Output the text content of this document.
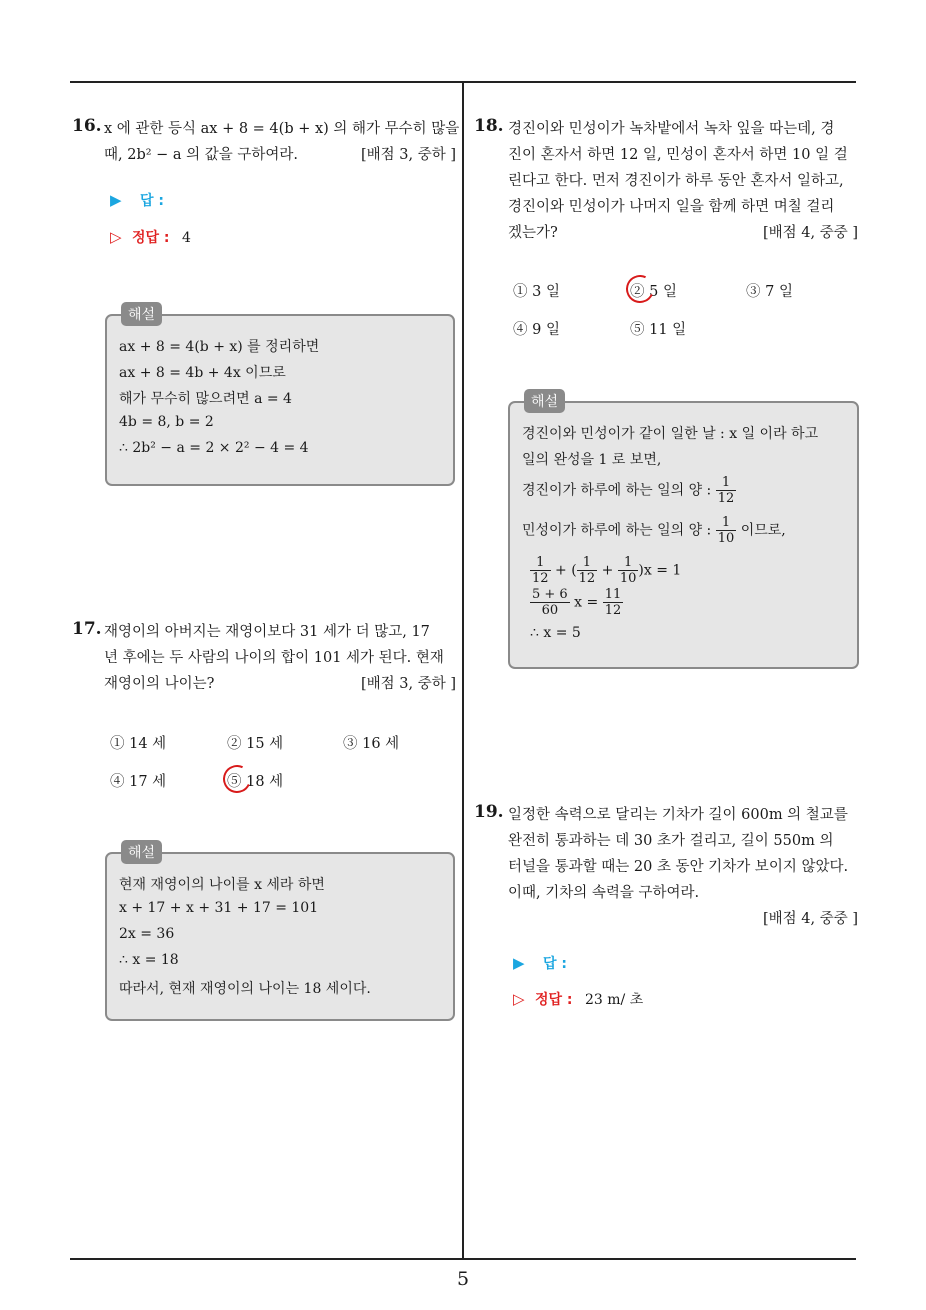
5
16. x 에 관한 등식 ax + 8 = 4(b + x) 의 해가 무수히 많을
때, 2b² − a 의 값을 구하여라.	[배점 3, 중하 ]
▶ 답 :
▷ 정답 : 4
해설
ax + 8 = 4(b + x) 를 정리하면
ax + 8 = 4b + 4x 이므로
해가 무수히 많으려면 a = 4
4b = 8, b = 2
∴ 2b² − a = 2 × 2² − 4 = 4
17. 재영이의 아버지는 재영이보다 31 세가 더 많고, 17
년 후에는 두 사람의 나이의 합이 101 세가 된다. 현재
재영이의 나이는?	[배점 3, 중하 ]
① 14 세	② 15 세	③ 16 세
④ 17 세	⑤ 18 세
해설
현재 재영이의 나이를 x 세라 하면
x + 17 + x + 31 + 17 = 101
2x = 36
∴ x = 18
따라서, 현재 재영이의 나이는 18 세이다.
18. 경진이와 민성이가 녹차밭에서 녹차 잎을 따는데, 경
진이 혼자서 하면 12 일, 민성이 혼자서 하면 10 일 걸
린다고 한다. 먼저 경진이가 하루 동안 혼자서 일하고,
경진이와 민성이가 나머지 일을 함께 하면 며칠 걸리
겠는가?	[배점 4, 중중 ]
① 3 일	② 5 일	③ 7 일
④ 9 일	⑤ 11 일
해설
경진이와 민성이가 같이 일한 날 : x 일 이라 하고
일의 완성을 1 로 보면,
경진이가 하루에 하는 일의 양 : $\frac{1}{12}$
민성이가 하루에 하는 일의 양 : $\frac{1}{10}$ 이므로,
$\frac{1}{12}$ + ( $\frac{1}{12} + \frac{1}{10} )x = 1$
$\frac{5 + 6}{60}$ $x = \frac{11}{12}$
∴ x = 5
19. 일정한 속력으로 달리는 기차가 길이 600m 의 철교를
완전히 통과하는 데 30 초가 걸리고, 길이 550m 의
터널을 통과할 때는 20 초 동안 기차가 보이지 않았다.
이때, 기차의 속력을 구하여라.
[배점 4, 중중 ]
▶ 답 :
▷ 정답 : 23 m/ 초
